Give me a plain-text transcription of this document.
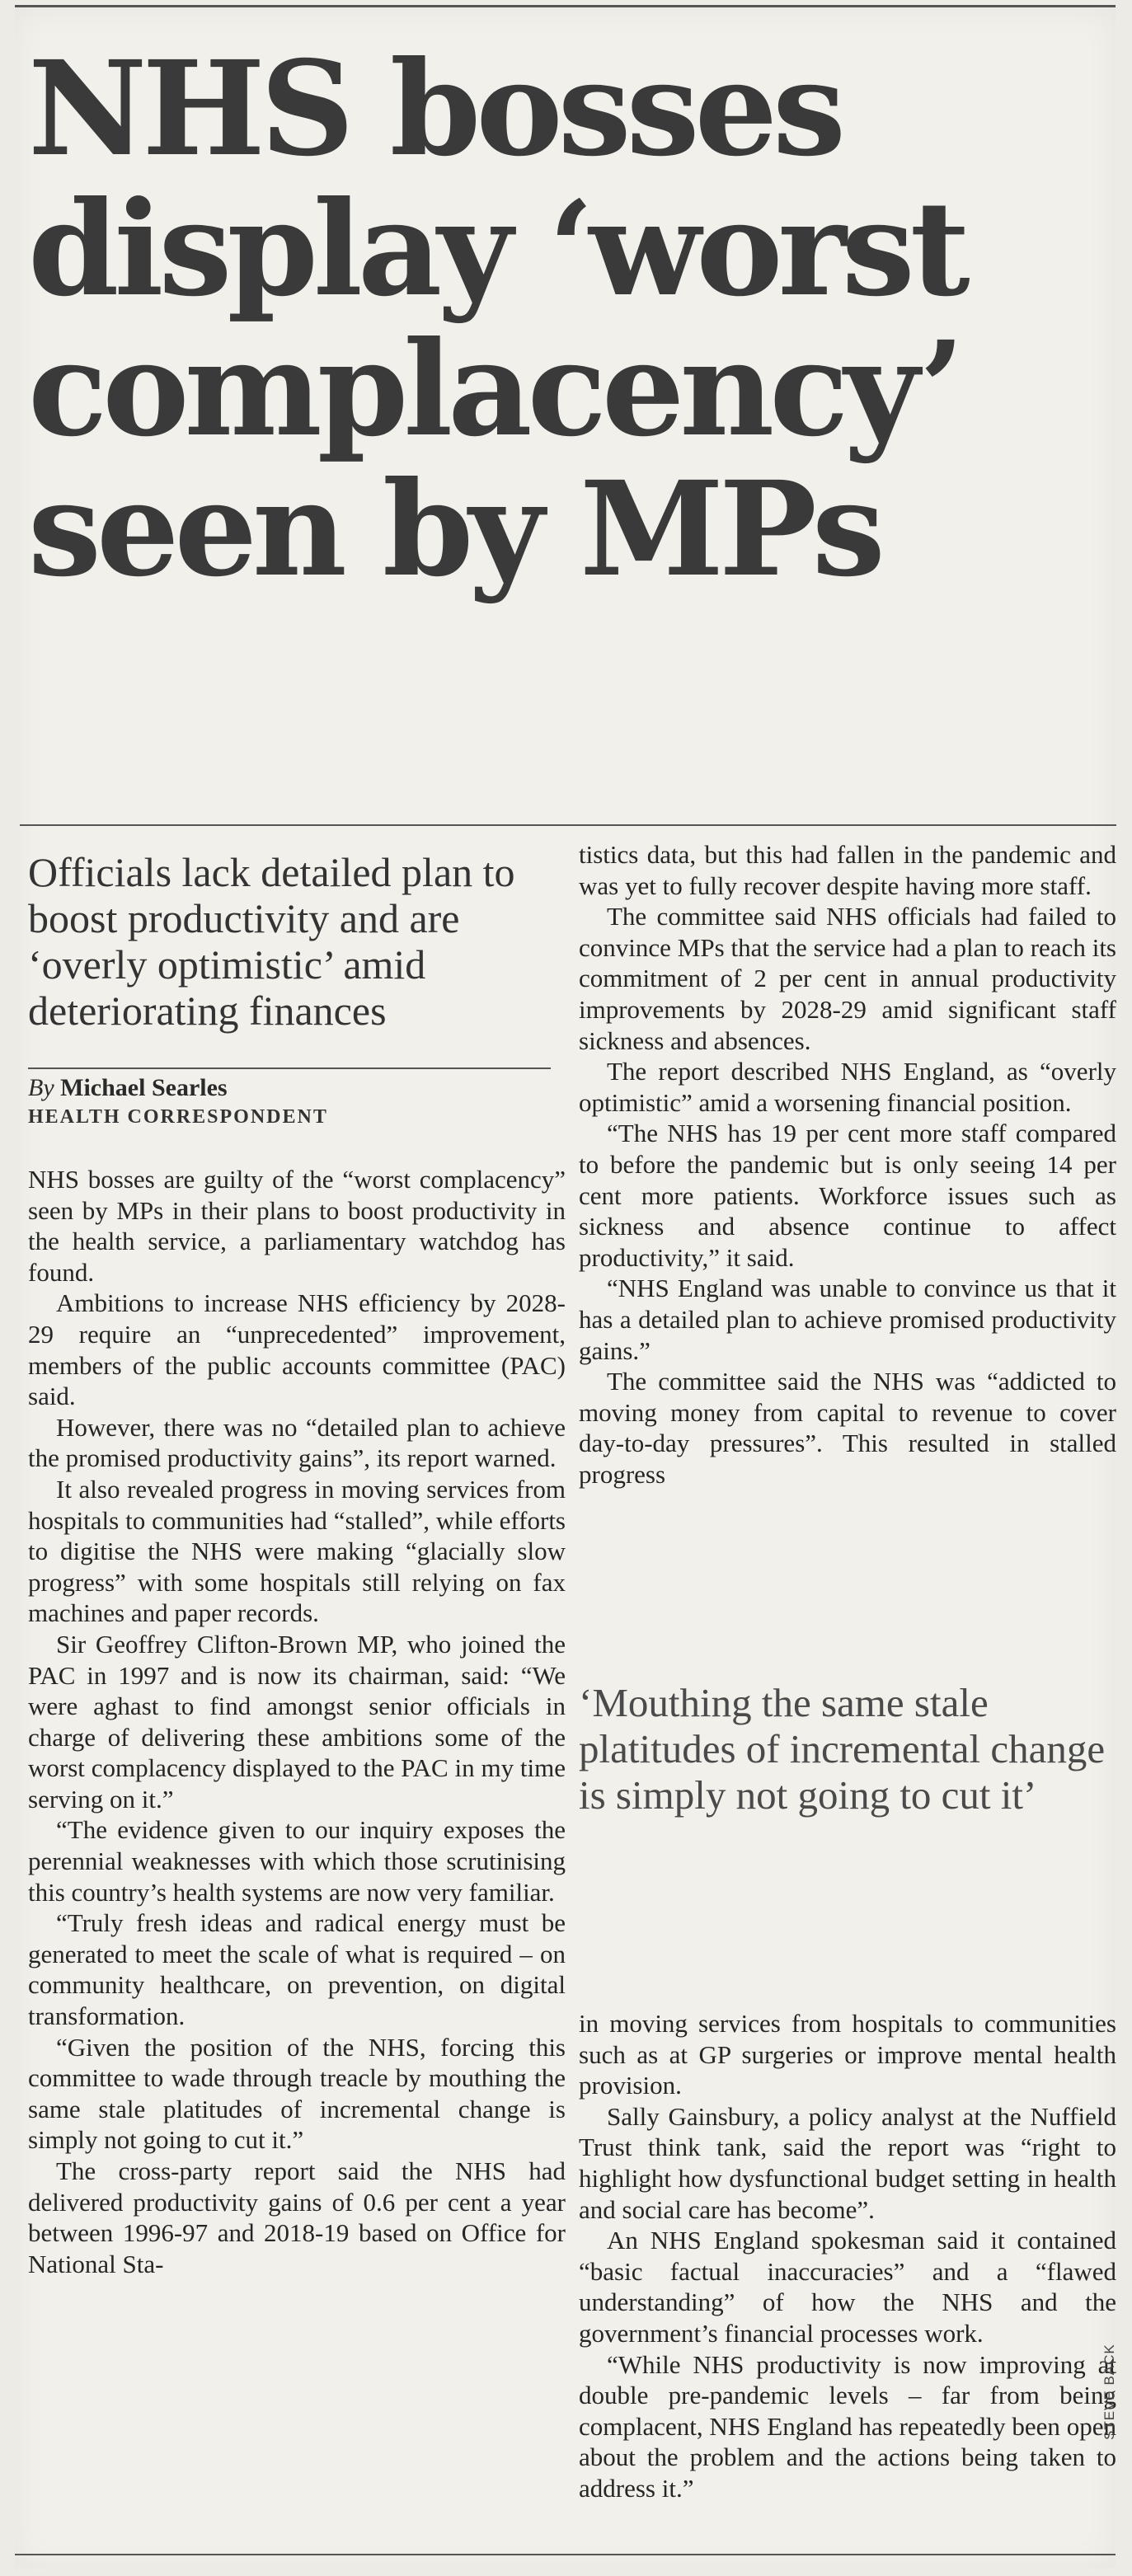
NHS bosses
display ‘worst
complacency’
seen by MPs
Officials lack detailed plan to boost productivity and are ‘overly optimistic’ amid deteriorating finances
By Michael Searles
HEALTH CORRESPONDENT

NHS bosses are guilty of the “worst complacency” seen by MPs in their plans to boost productivity in the health service, a parliamentary watchdog has found.

Ambitions to increase NHS efficiency by 2028-29 require an “unprecedented” improvement, members of the public accounts committee (PAC) said.

However, there was no “detailed plan to achieve the promised productivity gains”, its report warned.

It also revealed progress in moving services from hospitals to communities had “stalled”, while efforts to digitise the NHS were making “glacially slow progress” with some hospitals still relying on fax machines and paper records.

Sir Geoffrey Clifton-Brown MP, who joined the PAC in 1997 and is now its chairman, said: “We were aghast to find amongst senior officials in charge of delivering these ambitions some of the worst complacency displayed to the PAC in my time serving on it.”

“The evidence given to our inquiry exposes the perennial weaknesses with which those scrutinising this country’s health systems are now very familiar.

“Truly fresh ideas and radical energy must be generated to meet the scale of what is required – on community healthcare, on prevention, on digital transformation.

“Given the position of the NHS, forcing this committee to wade through treacle by mouthing the same stale platitudes of incremental change is simply not going to cut it.”

The cross-party report said the NHS had delivered productivity gains of 0.6 per cent a year between 1996-97 and 2018-19 based on Office for National Sta-

tistics data, but this had fallen in the pandemic and was yet to fully recover despite having more staff.

The committee said NHS officials had failed to convince MPs that the service had a plan to reach its commitment of 2 per cent in annual productivity improvements by 2028-29 amid significant staff sickness and absences.

The report described NHS England, as “overly optimistic” amid a worsening financial position.

“The NHS has 19 per cent more staff compared to before the pandemic but is only seeing 14 per cent more patients. Workforce issues such as sickness and absence continue to affect productivity,” it said.

“NHS England was unable to convince us that it has a detailed plan to achieve promised productivity gains.”

The committee said the NHS was “addicted to moving money from capital to revenue to cover day-to-day pressures”. This resulted in stalled progress

‘Mouthing the same stale platitudes of incremental change is simply not going to cut it’

in moving services from hospitals to communities such as at GP surgeries or improve mental health provision.

Sally Gainsbury, a policy analyst at the Nuffield Trust think tank, said the report was “right to highlight how dysfunctional budget setting in health and social care has become”.

An NHS England spokesman said it contained “basic factual inaccuracies” and a “flawed understanding” of how the NHS and the government’s financial processes work.

“While NHS productivity is now improving at double pre-pandemic levels – far from being complacent, NHS England has repeatedly been open about the problem and the actions being taken to address it.”

STEVE BACK
